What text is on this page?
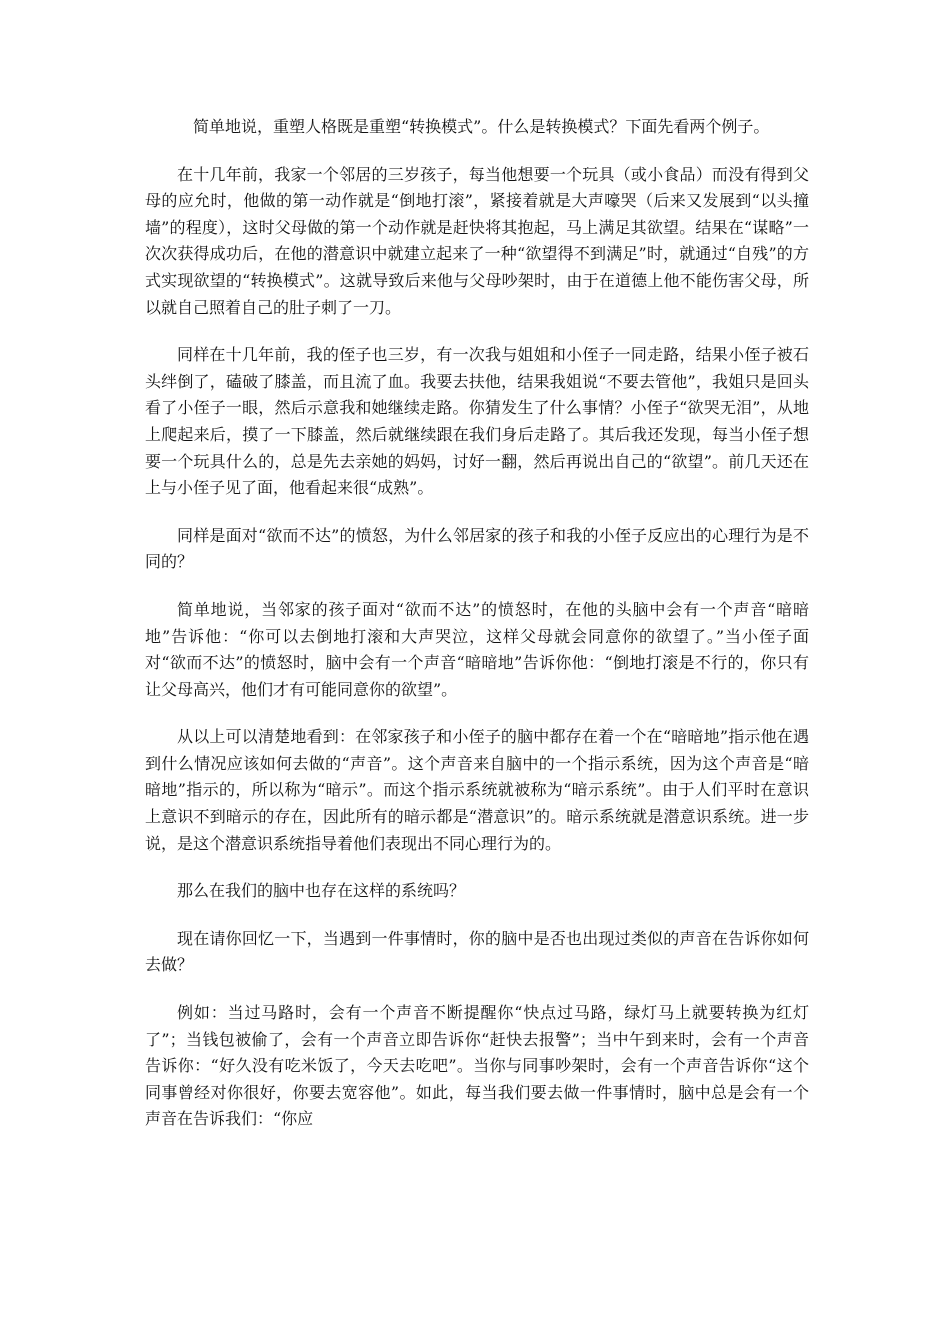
简单地说，重塑人格既是重塑“转换模式”。什么是转换模式？下面先看两个例子。

在十几年前，我家一个邻居的三岁孩子，每当他想要一个玩具（或小食品）而没有得到父母的应允时，他做的第一动作就是“倒地打滚”，紧接着就是大声嚎哭（后来又发展到“以头撞墙”的程度），这时父母做的第一个动作就是赶快将其抱起，马上满足其欲望。结果在“谋略”一次次获得成功后，在他的潜意识中就建立起来了一种“欲望得不到满足”时，就通过“自残”的方式实现欲望的“转换模式”。这就导致后来他与父母吵架时，由于在道德上他不能伤害父母，所以就自己照着自己的肚子刺了一刀。

同样在十几年前，我的侄子也三岁，有一次我与姐姐和小侄子一同走路，结果小侄子被石头绊倒了，磕破了膝盖，而且流了血。我要去扶他，结果我姐说“不要去管他”，我姐只是回头看了小侄子一眼，然后示意我和她继续走路。你猜发生了什么事情？小侄子“欲哭无泪”，从地上爬起来后，摸了一下膝盖，然后就继续跟在我们身后走路了。其后我还发现，每当小侄子想要一个玩具什么的，总是先去亲她的妈妈，讨好一翻，然后再说出自己的“欲望”。前几天还在　 上与小侄子见了面，他看起来很“成熟”。

同样是面对“欲而不达”的愤怒，为什么邻居家的孩子和我的小侄子反应出的心理行为是不同的？

简单地说，当邻家的孩子面对“欲而不达”的愤怒时，在他的头脑中会有一个声音“暗暗地”告诉他：“你可以去倒地打滚和大声哭泣，这样父母就会同意你的欲望了。”当小侄子面对“欲而不达”的愤怒时，脑中会有一个声音“暗暗地”告诉你他：“倒地打滚是不行的，你只有让父母高兴，他们才有可能同意你的欲望”。

从以上可以清楚地看到：在邻家孩子和小侄子的脑中都存在着一个在“暗暗地”指示他在遇到什么情况应该如何去做的“声音”。这个声音来自脑中的一个指示系统，因为这个声音是“暗暗地”指示的，所以称为“暗示”。而这个指示系统就被称为“暗示系统”。由于人们平时在意识上意识不到暗示的存在，因此所有的暗示都是“潜意识”的。暗示系统就是潜意识系统。进一步说，是这个潜意识系统指导着他们表现出不同心理行为的。

那么在我们的脑中也存在这样的系统吗？

现在请你回忆一下，当遇到一件事情时，你的脑中是否也出现过类似的声音在告诉你如何去做？

例如：当过马路时，会有一个声音不断提醒你“快点过马路，绿灯马上就要转换为红灯了”；当钱包被偷了，会有一个声音立即告诉你“赶快去报警”；当中午到来时，会有一个声音告诉你：“好久没有吃米饭了，今天去吃吧”。当你与同事吵架时，会有一个声音告诉你“这个同事曾经对你很好，你要去宽容他”。如此，每当我们要去做一件事情时，脑中总是会有一个声音在告诉我们：“你应
